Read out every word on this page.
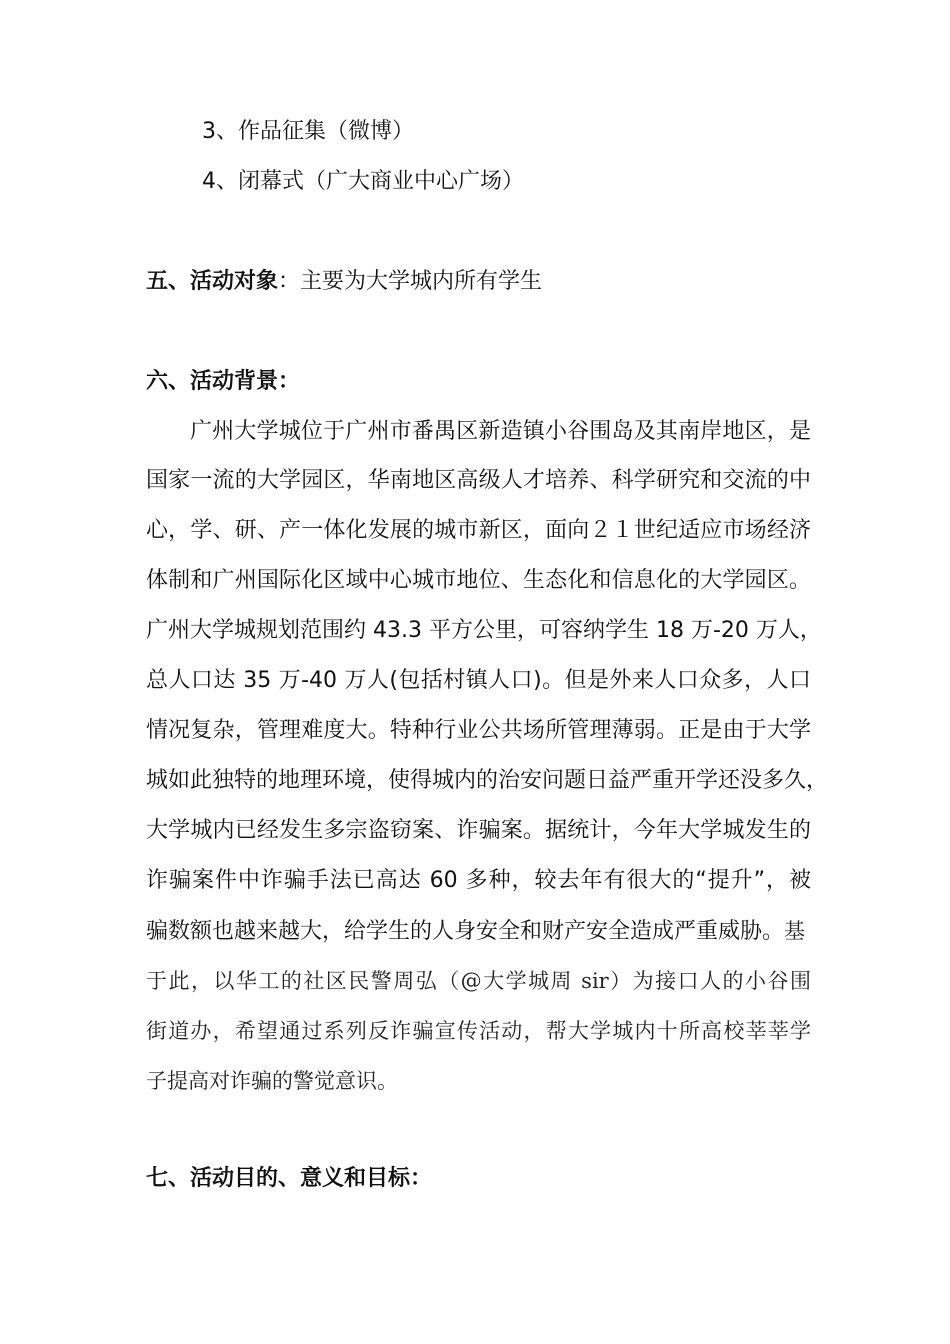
3、作品征集（微博）
4、闭幕式（广大商业中心广场）
五、活动对象：主要为大学城内所有学生
六、活动背景：
广州大学城位于广州市番禺区新造镇小谷围岛及其南岸地区，是
国家一流的大学园区，华南地区高级人才培养、科学研究和交流的中
心，学、研、产一体化发展的城市新区，面向２１世纪适应市场经济
体制和广州国际化区域中心城市地位、生态化和信息化的大学园区。
广州大学城规划范围约 43.3 平方公里，可容纳学生 18 万-20 万人，
总人口达 35 万-40 万人(包括村镇人口)。但是外来人口众多，人口
情况复杂，管理难度大。特种行业公共场所管理薄弱。正是由于大学
城如此独特的地理环境，使得城内的治安问题日益严重开学还没多久，
大学城内已经发生多宗盗窃案、诈骗案。据统计，今年大学城发生的
诈骗案件中诈骗手法已高达 60 多种，较去年有很大的“提升”，被
骗数额也越来越大，给学生的人身安全和财产安全造成严重威胁。基
于此，以华工的社区民警周弘（@大学城周 sir）为接口人的小谷围
街道办，希望通过系列反诈骗宣传活动，帮大学城内十所高校莘莘学
子提高对诈骗的警觉意识。
七、活动目的、意义和目标：
